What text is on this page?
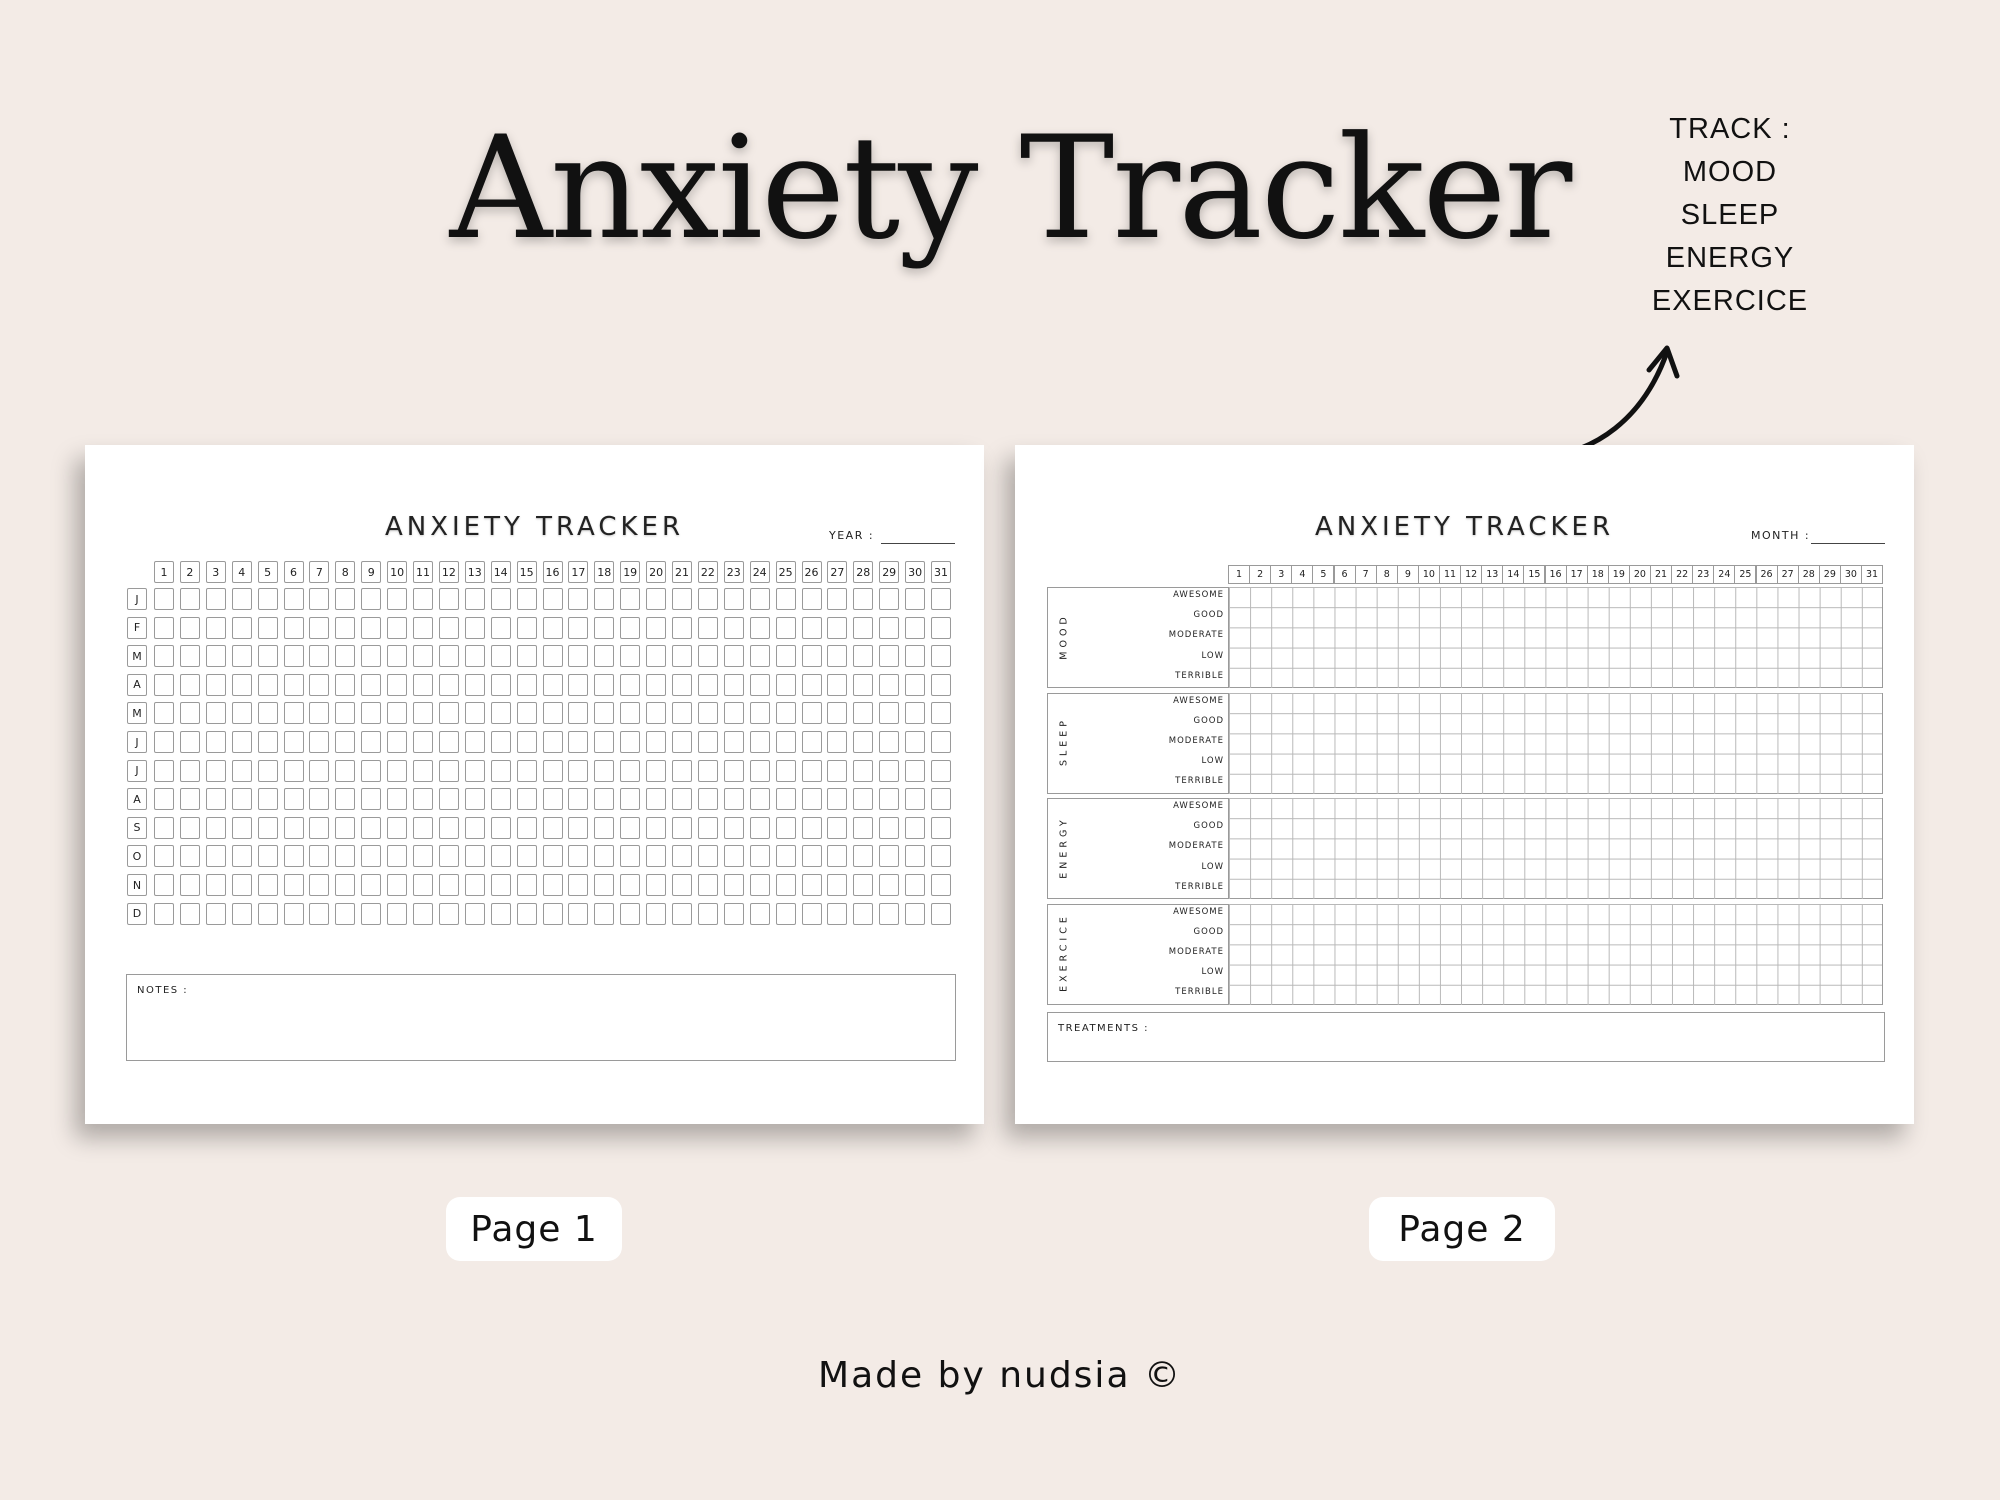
Anxiety Tracker	TRACK :
MOOD
SLEEP
ENERGY
EXERCICE
ANXIETY TRACKER	YEAR :
1	2	3	4	5	6	7	8	9	10 11 12 13 14 15 16 17 18 19 20 21 22 23 24 25 26 27 28 29 30 31
J
F
M
A
M
J
J
A
S
O
N
D
NOTES :
ANXIETY TRACKER	MONTH :
1	2	3	4	5	6	7	8	9	10 11 12 13 14 15 16 17 18 19 20 21 22 23 24 25 26 27 28 29 30 31
MOOD
AWESOME
GOOD
MODERATE
LOW
TERRIBLE
SLEEP
AWESOME
GOOD
MODERATE
LOW
TERRIBLE
ENERGY
AWESOME
GOOD
MODERATE
LOW
TERRIBLE
EXERCICE
AWESOME
GOOD
MODERATE
LOW
TERRIBLE
TREATMENTS :
Page 1	Page 2
Made by nudsia ©
